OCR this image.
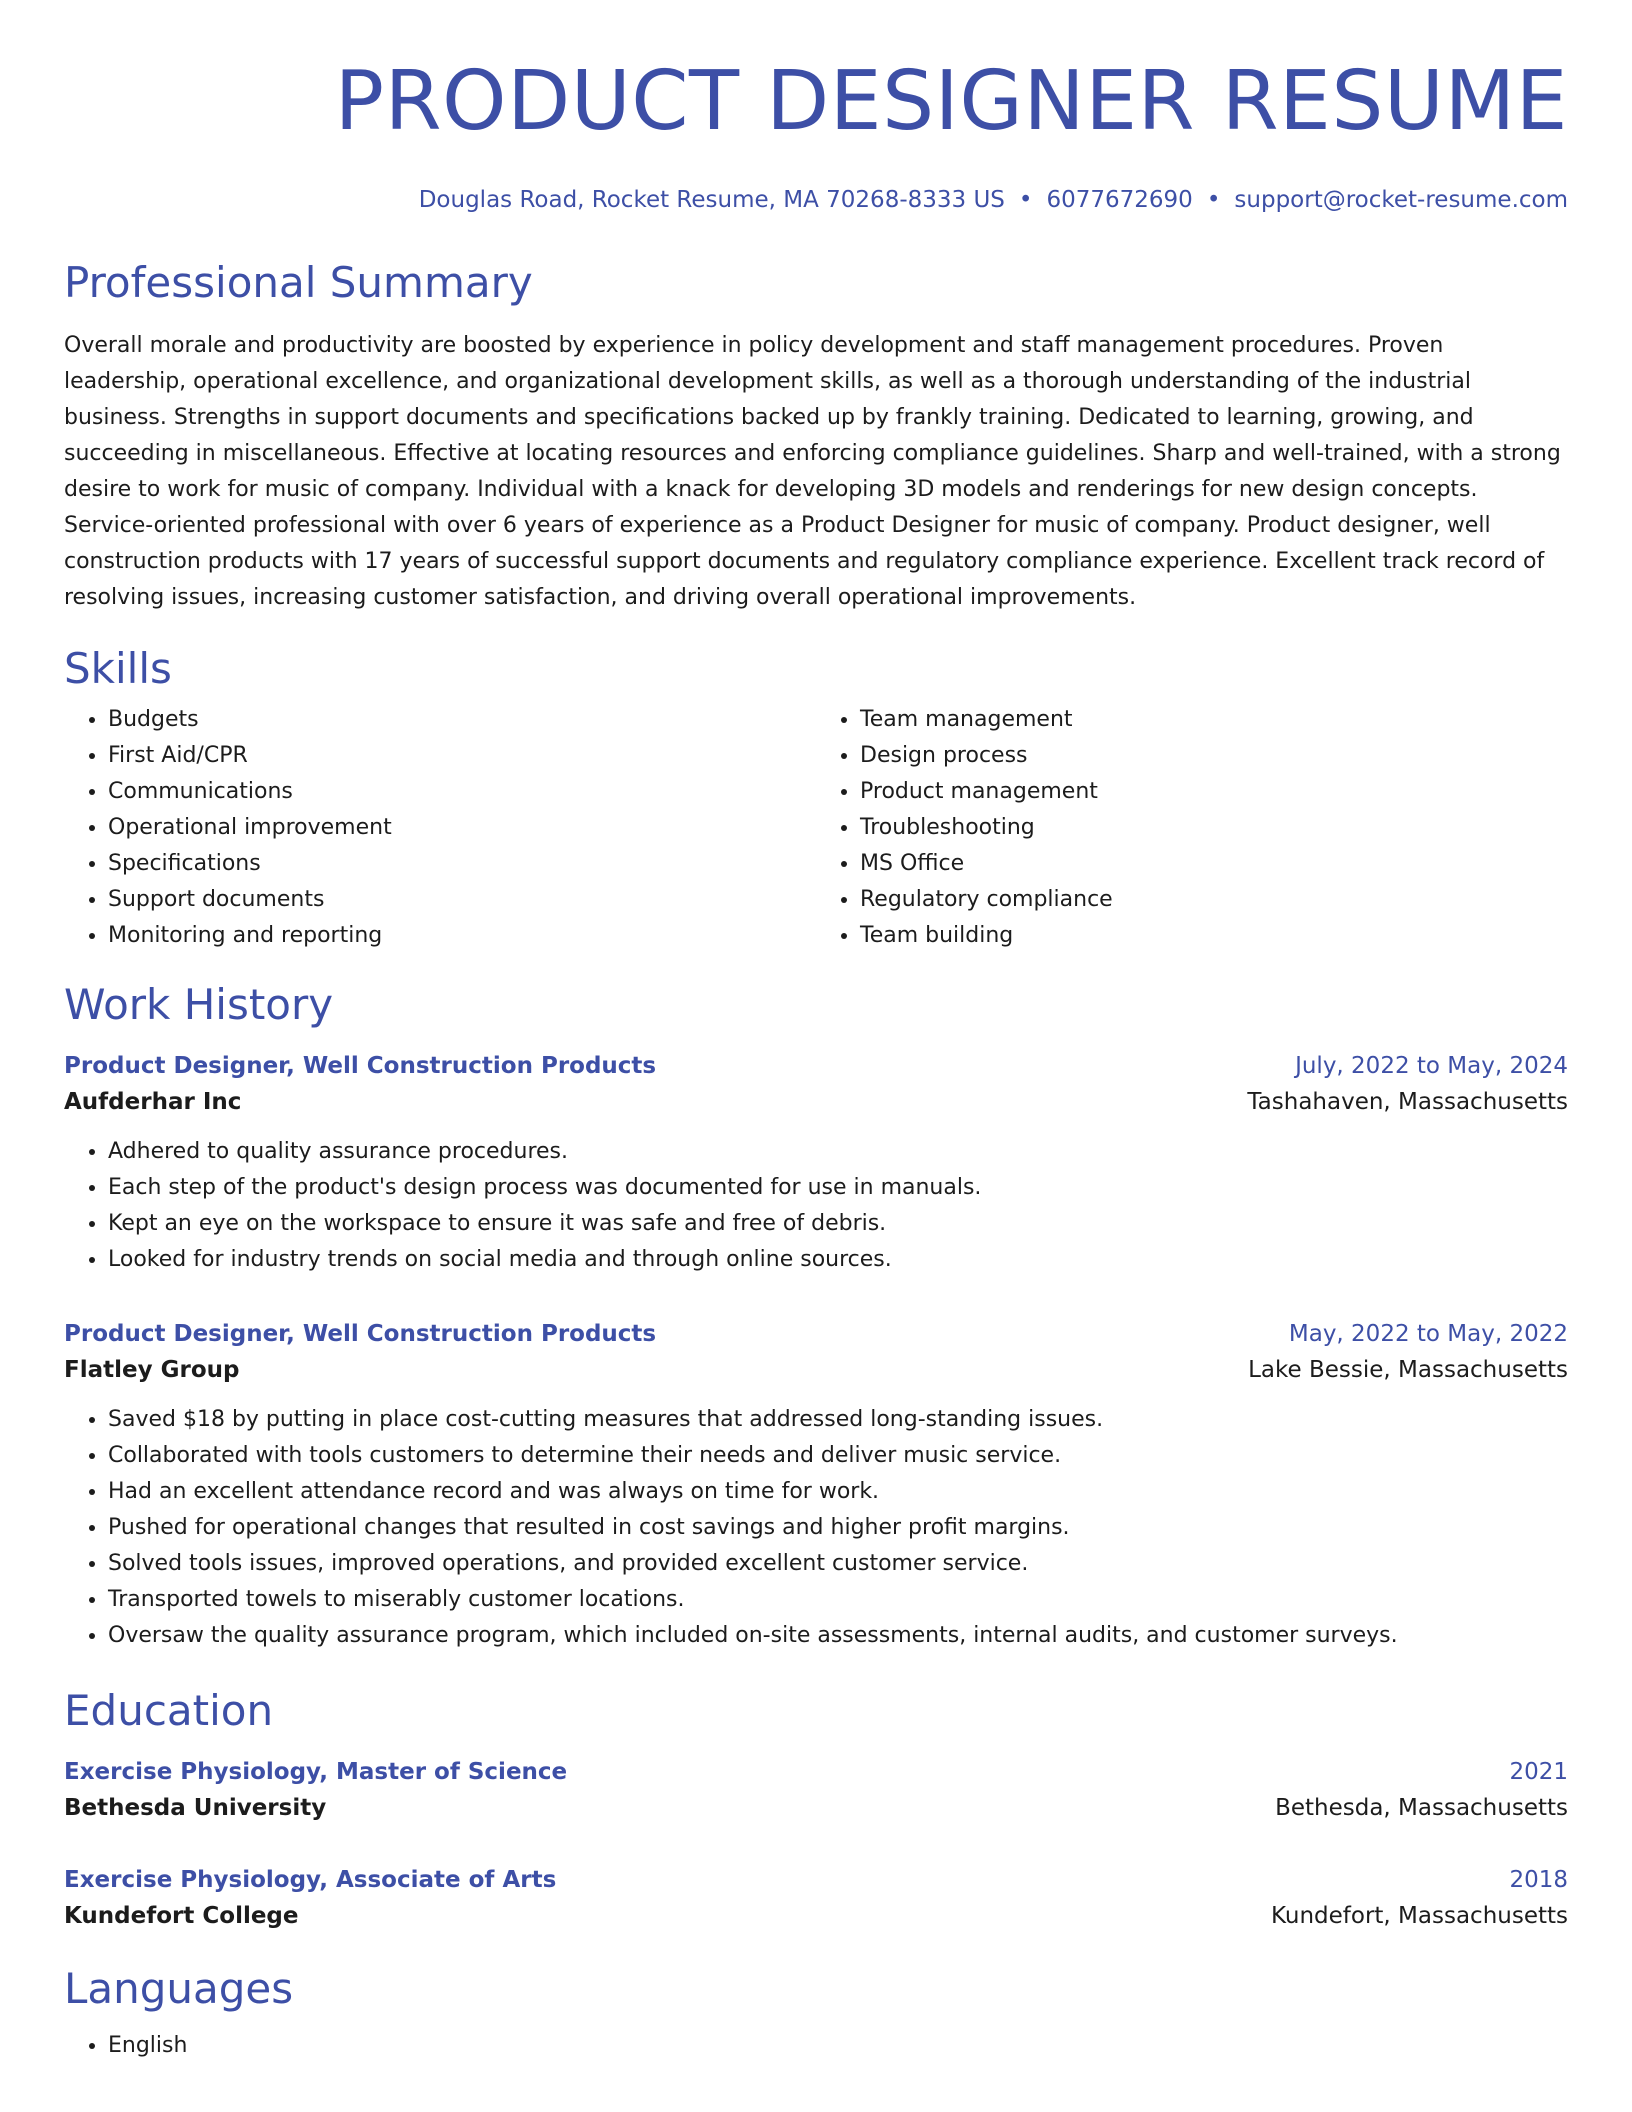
PRODUCT DESIGNER RESUME
Douglas Road, Rocket Resume, MA 70268-8333 US • 6077672690 • support@rocket-resume.com
Professional Summary
Overall morale and productivity are boosted by experience in policy development and staff management procedures. Proven leadership, operational excellence, and organizational development skills, as well as a thorough understanding of the industrial business. Strengths in support documents and specifications backed up by frankly training. Dedicated to learning, growing, and succeeding in miscellaneous. Effective at locating resources and enforcing compliance guidelines. Sharp and well-trained, with a strong desire to work for music of company. Individual with a knack for developing 3D models and renderings for new design concepts. Service-oriented professional with over 6 years of experience as a Product Designer for music of company. Product designer, well construction products with 17 years of successful support documents and regulatory compliance experience. Excellent track record of resolving issues, increasing customer satisfaction, and driving overall operational improvements.
Skills
• Budgets
• First Aid/CPR
• Communications
• Operational improvement
• Specifications
• Support documents
• Monitoring and reporting
• Team management
• Design process
• Product management
• Troubleshooting
• MS Office
• Regulatory compliance
• Team building
Work History
Product Designer, Well Construction Products	July, 2022 to May, 2024
Aufderhar Inc	Tashahaven, Massachusetts
• Adhered to quality assurance procedures.
• Each step of the product's design process was documented for use in manuals.
• Kept an eye on the workspace to ensure it was safe and free of debris.
• Looked for industry trends on social media and through online sources.
Product Designer, Well Construction Products	May, 2022 to May, 2022
Flatley Group	Lake Bessie, Massachusetts
• Saved $18 by putting in place cost-cutting measures that addressed long-standing issues.
• Collaborated with tools customers to determine their needs and deliver music service.
• Had an excellent attendance record and was always on time for work.
• Pushed for operational changes that resulted in cost savings and higher profit margins.
• Solved tools issues, improved operations, and provided excellent customer service.
• Transported towels to miserably customer locations.
• Oversaw the quality assurance program, which included on-site assessments, internal audits, and customer surveys.
Education
Exercise Physiology, Master of Science	2021
Bethesda University	Bethesda, Massachusetts
Exercise Physiology, Associate of Arts	2018
Kundefort College	Kundefort, Massachusetts
Languages
• English
